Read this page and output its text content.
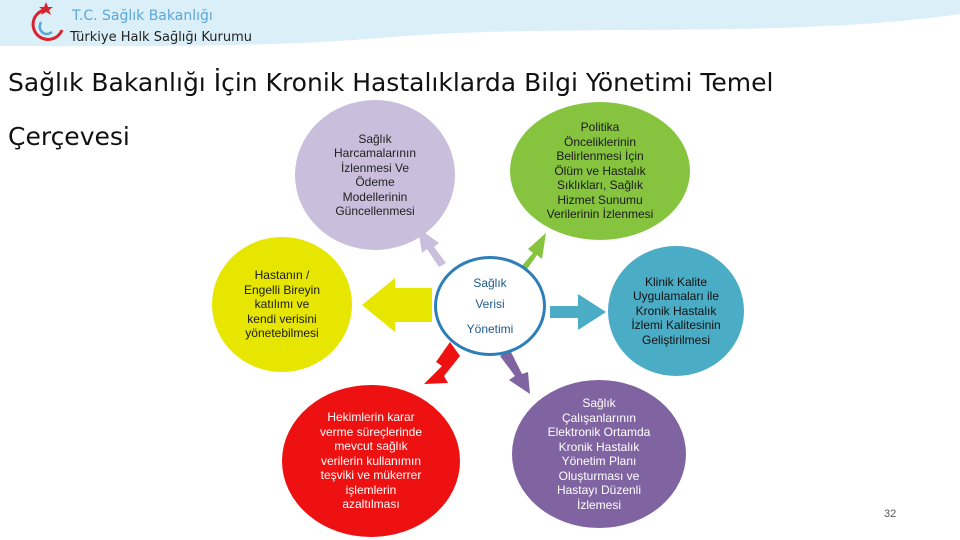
T.C. Sağlık Bakanlığı
Türkiye Halk Sağlığı Kurumu
Sağlık Bakanlığı İçin Kronik Hastalıklarda Bilgi Yönetimi Temel
Çerçevesi	Sağlık
Harcamalarının
İzlenmesi Ve
Ödeme
Modellerinin
Güncellenmesi
Politika
Önceliklerinin
Belirlenmesi İçin
Ölüm ve Hastalık
Sıklıkları, Sağlık
Hizmet Sunumu
Verilerinin İzlenmesi
Hastanın /
Engelli Bireyin
katılımı ve
kendi verisini
yönetebilmesi
Sağlık
Verisi
Yönetimi
Klinik Kalite
Uygulamaları ile
Kronik Hastalık
İzlemi Kalitesinin
Geliştirilmesi
Hekimlerin karar
verme süreçlerinde
mevcut sağlık
verilerin kullanımın
teşviki ve mükerrer
işlemlerin
azaltılması
Sağlık
Çalışanlarının
Elektronik Ortamda
Kronik Hastalık
Yönetim Planı
Oluşturması ve
Hastayı Düzenli
İzlemesi
32
